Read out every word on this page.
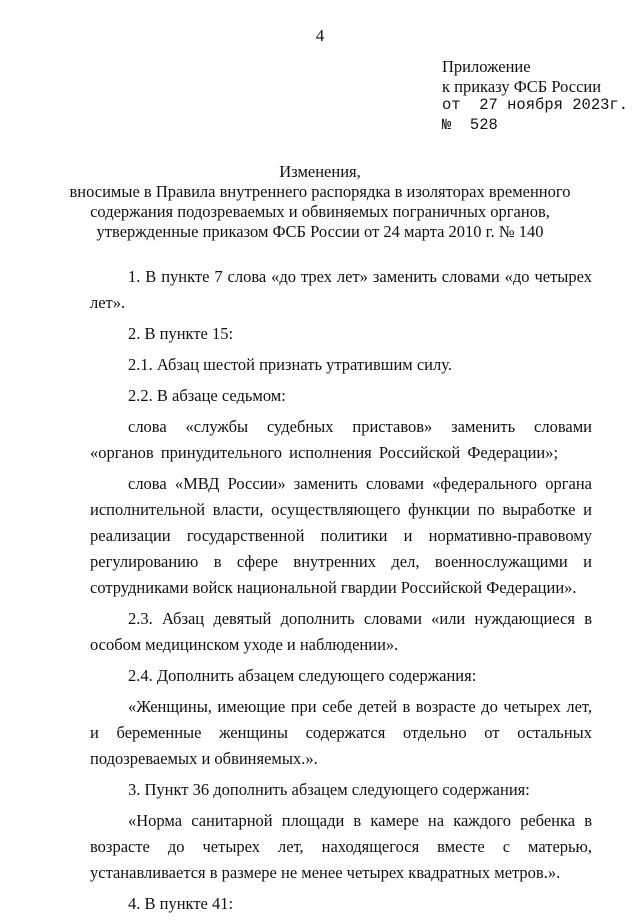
4
Приложение
к приказу ФСБ России
от  27 ноября 2023г.
№  528
Изменения,
вносимые в Правила внутреннего распорядка в изоляторах временного
содержания подозреваемых и обвиняемых пограничных органов,
утвержденные приказом ФСБ России от 24 марта 2010 г. № 140

1. В пункте 7 слова «до трех лет» заменить словами «до четырех лет».

2. В пункте 15:

2.1. Абзац шестой признать утратившим силу.

2.2. В абзаце седьмом:

слова «службы судебных приставов» заменить словами «органов принудительного исполнения Российской Федерации»;

слова «МВД России» заменить словами «федерального органа исполнительной власти, осуществляющего функции по выработке и реализации государственной политики и нормативно-правовому регулированию в сфере внутренних дел, военнослужащими и сотрудниками войск национальной гвардии Российской Федерации».

2.3. Абзац девятый дополнить словами «или нуждающиеся в особом медицинском уходе и наблюдении».

2.4. Дополнить абзацем следующего содержания:

«Женщины, имеющие при себе детей в возрасте до четырех лет, и беременные женщины содержатся отдельно от остальных подозреваемых и обвиняемых.».

3. Пункт 36 дополнить абзацем следующего содержания:

«Норма санитарной площади в камере на каждого ребенка в возрасте до четырех лет, находящегося вместе с матерью, устанавливается в размере не менее четырех квадратных метров.».

4. В пункте 41:
